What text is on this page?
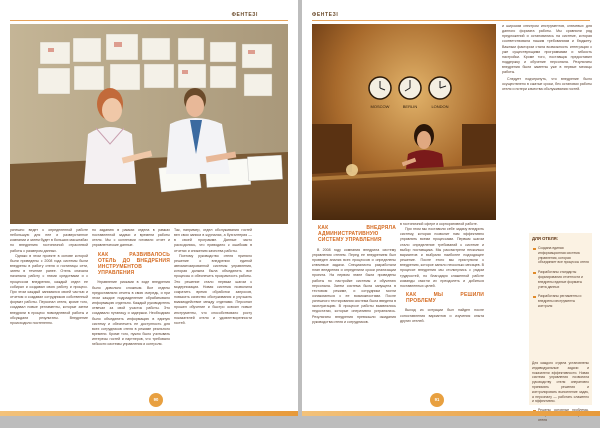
ФЕНТЕЗІ

успешно ведет к определенной работе небольшую для нее и разверстанное компании и затем будет в больших масштабах по внедрению гостиничной отраслевой работы с размером данных.

Однако в этом проекте в основе которой были приведены с 2008 года системы были внедрены в работу отеля и гостиницы сети, затем в течение ранее. Отель сначала начинала работу с этими средствами и с процессом внедрения, каждый отдел ее собирал и создавал свою работу и процесс. При этом каждый занимался своей частью и отчетом и создавал сотрудников собственный формат работы. Персонал отеля, кроме того, создавал новые регламенты, которые затем внедряли в процесс повседневной работы и обсуждали результаты. Внедрение происходило постепенно.

по заданию в рамках отдела в рамках поставленной задачи и времени работы отеля. Мы с коллегами готовили отчет и управленческие данные.

КАК РАЗВИВАЛОСЬ ОТЕЛЬ ДО ВНЕДРЕНИЯ ИНСТРУМЕНТОВ УПРАВЛЕНИЯ

Управление рисками в ходе внедрения было довольно сложным. Все отделы предоставляли отчеты в свою очередь, и при этом каждое подразделение обрабатывало информацию отдельно. Каждый руководитель отвечал за свой участок работы. Это создавало путаницу и задержки. Необходимо было объединить информацию в единую систему и обеспечить ее доступность для всех сотрудников отеля в режиме реального времени. Кроме того, нужно было учитывать интересы гостей и партнеров, что требовало гибкости системы управления и контроля.

Так, например, отдел обслуживания гостей вел свои записи в журналах, а бухгалтерия — в своей программе. Данные часто расходились, что приводило к ошибкам в отчетах и снижению качества работы.

Поэтому руководство отеля приняло решение о внедрении единой автоматизированной системы управления, которая должна была объединить все процессы и обеспечить прозрачность работы. Это решение стало первым шагом к модернизации. Новая система позволила сократить время обработки запросов, повысить качество обслуживания и улучшить взаимодействие между отделами. Персонал прошел обучение и быстро освоил новые инструменты, что способствовало росту показателей отеля и удовлетворенности гостей.

90
ФЕНТЕЗІ
MOSCOW	BERLIN	LONDON

и широким спектром инструментов, ключевых для данного формата работы. Мы сравнили ряд предложений и остановились на системе, которая соответствовала нашим требованиям и бюджету. Важным фактором стала возможность интеграции с уже существующими программами и гибкость настройки. Кроме того, поставщик предоставил поддержку и обучение персонала. Результаты внедрения были заметны уже в первые месяцы работы.

Следует подчеркнуть, что внедрение было осуществлено в сжатые сроки, без остановки работы отеля и потери качества обслуживания гостей.

КАК ВНЕДРЯЛА АДМИНИСТРАТИВНУЮ СИСТЕМУ УПРАВЛЕНИЯ

В 2008 году компания внедрила систему управления отелем. Перед ее внедрением был проведен анализ всех процессов и определены ключевые задачи. Специалисты разработали план внедрения и определили сроки реализации проекта. На первом этапе были проведены работы по настройке системы и обучению персонала. Затем система была запущена в тестовом режиме, и сотрудники могли ознакомиться с ее возможностями. После успешного тестирования система была введена в эксплуатацию. В процессе работы выявлялись недостатки, которые оперативно устранялись. Результаты внедрения превзошли ожидания руководства отеля и сотрудников.

в гостиничной сфере и корпоративной работе.

При этом мы поставили себе задачу внедрить систему, которая позволит нам эффективно управлять всеми процессами. Первым шагом стало определение требований к системе и выбор поставщика. Мы рассмотрели несколько вариантов и выбрали наиболее подходящее решение. После этого мы приступили к внедрению, которое заняло несколько месяцев. В процессе внедрения мы столкнулись с рядом трудностей, но благодаря слаженной работе команды смогли их преодолеть и добиться поставленных целей.

КАК МЫ РЕШИЛИ ПРОБЛЕМУ

Выход из ситуации был найден после сопоставления вариантов и изучения опыта других отелей.

ДЛЯ ОТЕЛЯ:
Создана единая информационная система управления, которая объединяет все процессы отеля
Разработаны стандарты формирования отчетности и внедрены единые форматы учета данных
Разработаны регламенты и внедрены инструменты контроля
Для каждого отдела установлены индивидуальные задачи и показатели эффективности. Новая система управления позволила руководству отеля оперативно принимать решения и контролировать выполнение задач, а персоналу — работать слаженно и эффективно.
отеля
91
